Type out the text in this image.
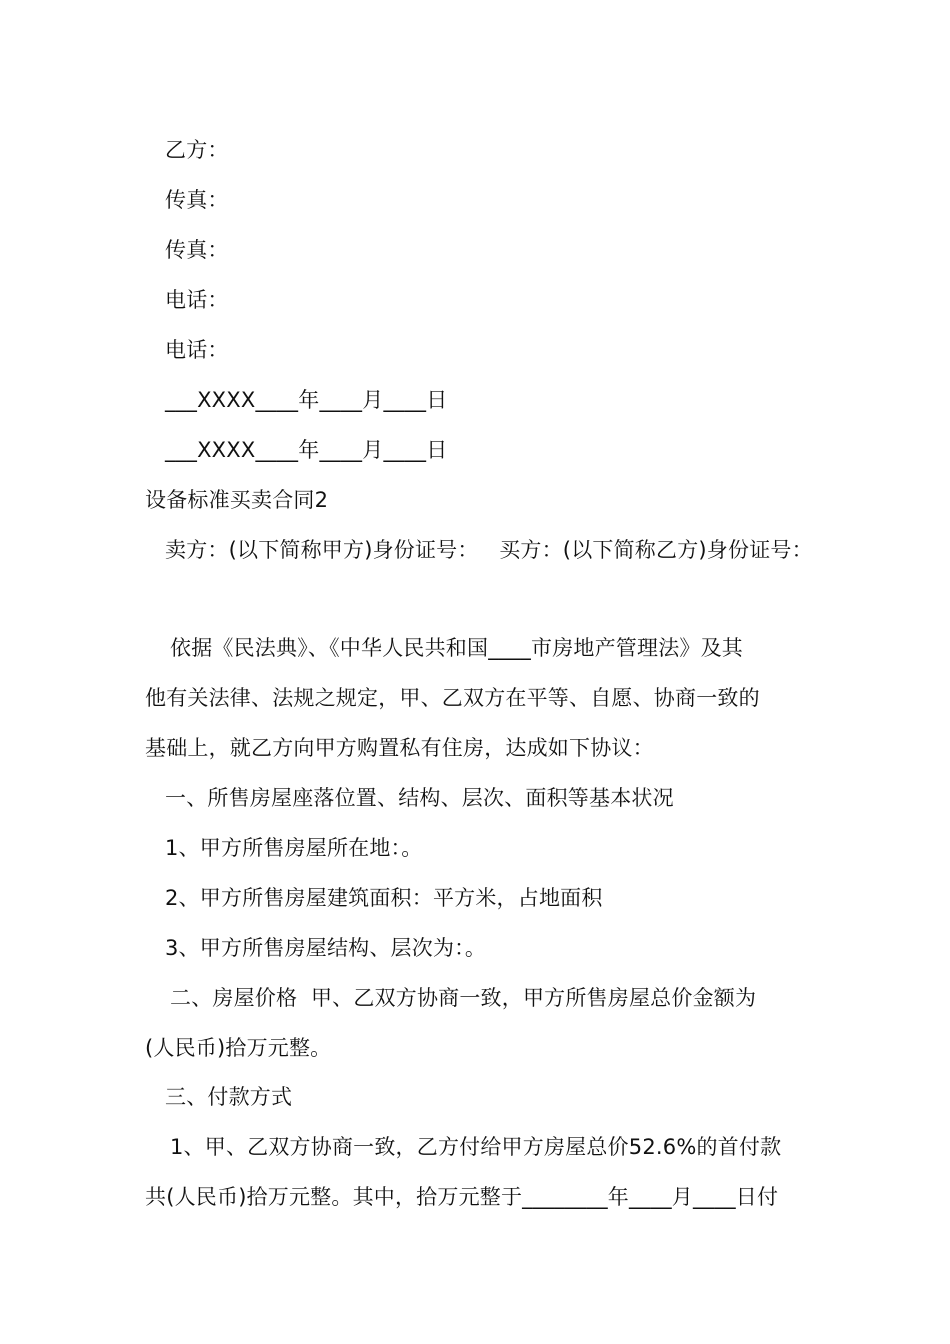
乙方：
传真：
传真：
电话：
电话：
___XXXX____年____月____日
___XXXX____年____月____日
设备标准买卖合同2
卖方：(以下简称甲方)身份证号：   买方：(以下简称乙方)身份证号：
依据《民法典》、《中华人民共和国____市房地产管理法》及其
他有关法律、法规之规定，甲、乙双方在平等、自愿、协商一致的
基础上，就乙方向甲方购置私有住房，达成如下协议：
一、所售房屋座落位置、结构、层次、面积等基本状况
1、甲方所售房屋所在地：。
2、甲方所售房屋建筑面积：平方米，占地面积
3、甲方所售房屋结构、层次为：。
二、房屋价格  甲、乙双方协商一致，甲方所售房屋总价金额为
(人民币)拾万元整。
三、付款方式
1、甲、乙双方协商一致，乙方付给甲方房屋总价52.6%的首付款
共(人民币)拾万元整。其中，拾万元整于________年____月____日付
